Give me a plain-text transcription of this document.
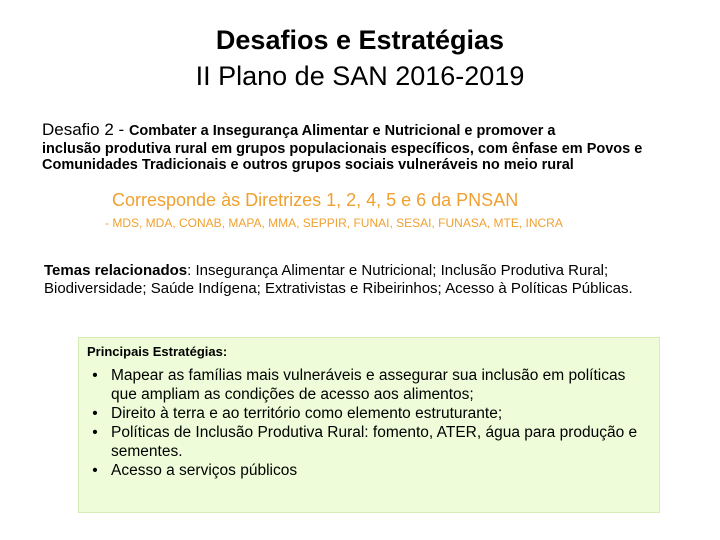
Desafios e Estratégias
II Plano de SAN 2016-2019
Desafio 2 - Combater a Insegurança Alimentar e Nutricional e promover a
inclusão produtiva rural em grupos populacionais específicos, com ênfase em Povos e Comunidades Tradicionais e outros grupos sociais vulneráveis no meio rural
Corresponde às Diretrizes 1, 2, 4, 5 e 6 da PNSAN
- MDS, MDA, CONAB, MAPA, MMA, SEPPIR, FUNAI, SESAI, FUNASA, MTE, INCRA
Temas relacionados: Insegurança Alimentar e Nutricional; Inclusão Produtiva Rural; Biodiversidade; Saúde Indígena; Extrativistas e Ribeirinhos; Acesso à Políticas Públicas.
Principais Estratégias:
• Mapear as famílias mais vulneráveis e assegurar sua inclusão em políticas que ampliam as condições de acesso aos alimentos;
• Direito à terra e ao território como elemento estruturante;
• Políticas de Inclusão Produtiva Rural: fomento, ATER, água para produção e sementes.
• Acesso a serviços públicos
